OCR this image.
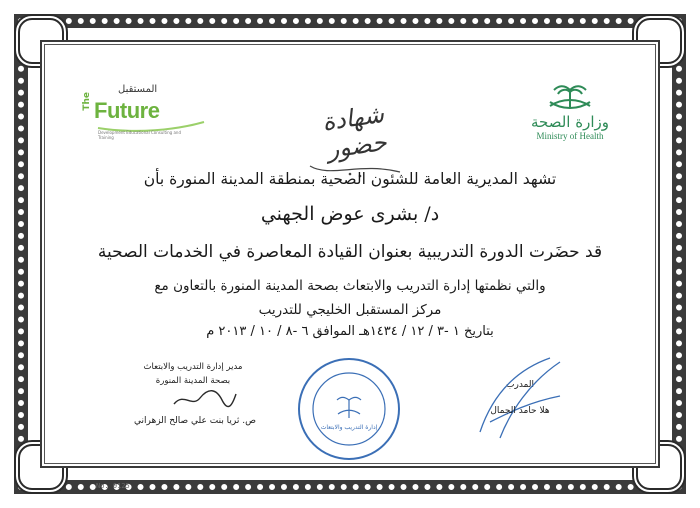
وزارة الصحة
Ministry of Health
المستقبل
The Future
Development Educational Consulting and Training
شهادة حضور
تشهد المديرية العامة للشئون الصحية بمنطقة المدينة المنورة بأن
د/ بشرى عوض الجهني
قد حضَرت الدورة التدريبية بعنوان القيادة المعاصرة في الخدمات الصحية
والتي نظمتها إدارة التدريب والابتعاث بصحة المدينة المنورة بالتعاون مع
مركز المستقبل الخليجي للتدريب
بتاريخ ١ -٣ / ١٢ / ١٤٣٤هـ الموافق ٦ -٨ / ١٠ / ٢٠١٣ م
مدير إدارة التدريب والابتعاث
بصحة المدينة المنورة
ص. ثريا بنت علي صالح الزهراني
إدارة التدريب والابتعاث
المدرب
هلا حامد الجمال
No. 0125
